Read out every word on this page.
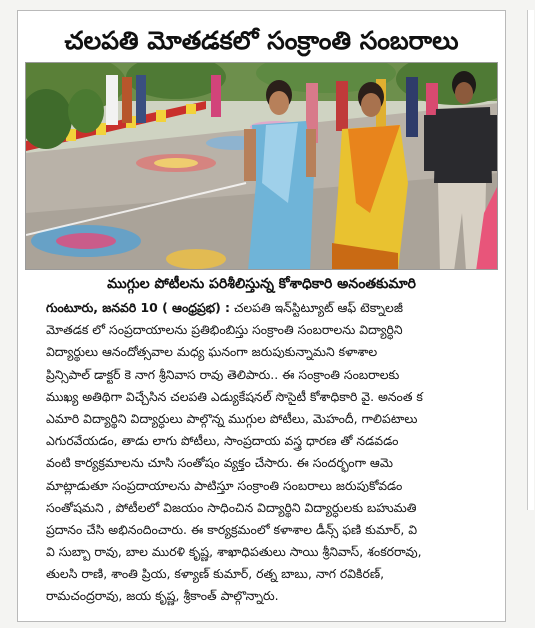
చలపతి మోతడకలో సంక్రాంతి సంబరాలు

ముగ్గుల పోటీలను పరిశీలిస్తున్న కోశాధికారి అనంతకుమారి

గుంటూరు, జనవరి 10 ( ఆంధ్రప్రభ) : చలపతి ఇన్‌స్టిట్యూట్ ఆఫ్ టెక్నాలజీ
మోతడక లో సంప్రదాయాలను ప్రతిభింబిస్తు సంక్రాంతి సంబరాలను విద్యార్ధిని
విద్యార్థులు ఆనందోత్సవాల మధ్య ఘనంగా జరుపుకున్నామని కళాశాల
ప్రిన్సిపాల్ డాక్టర్ కె నాగ శ్రీనివాస రావు తెలిపారు.. ఈ సంక్రాంతి సంబరాలకు
ముఖ్య అతిథిగా విచ్చేసిన చలపతి ఎడ్యుకేషనల్ సొసైటీ కోశాధికారి వై. అనంత క
ఎమారి విద్యార్థిని విద్యార్ధులు పాల్గొన్న ముగ్గుల పోటీలు, మెహందీ, గాలిపటాలు
ఎగురవేయడం, తాడు లాగు పోటీలు, సాంప్రదాయ వస్త్ర ధారణ తో నడవడం
వంటి కార్యక్రమాలను చూసి సంతోషం వ్యక్తం చేసారు. ఈ సందర్భంగా ఆమె
మాట్లాడుతూ సంప్రదాయాలను పాటిస్తూ సంక్రాంతి సంబరాలు జరుపుకోవడం
సంతోషమని , పోటీలలో విజయం సాధించిన విద్యార్థిని విద్యార్ధులకు బహుమతి
ప్రదానం చేసి అభినందించారు. ఈ కార్యక్రమంలో కళాశాల డీన్స్ ఫణి కుమార్, వి
వి సుబ్బా రావు, బాల మురళి కృష్ణ, శాఖాధిపతులు సాయి శ్రీనివాస్, శంకరరావు,
తులసి రాణి, శాంతి ప్రియ, కళ్యాణ్ కుమార్, రత్న బాబు, నాగ రవికిరణ్,
రామచంద్రరావు, జయ కృష్ణ, శ్రీకాంత్ పాల్గొన్నారు.
